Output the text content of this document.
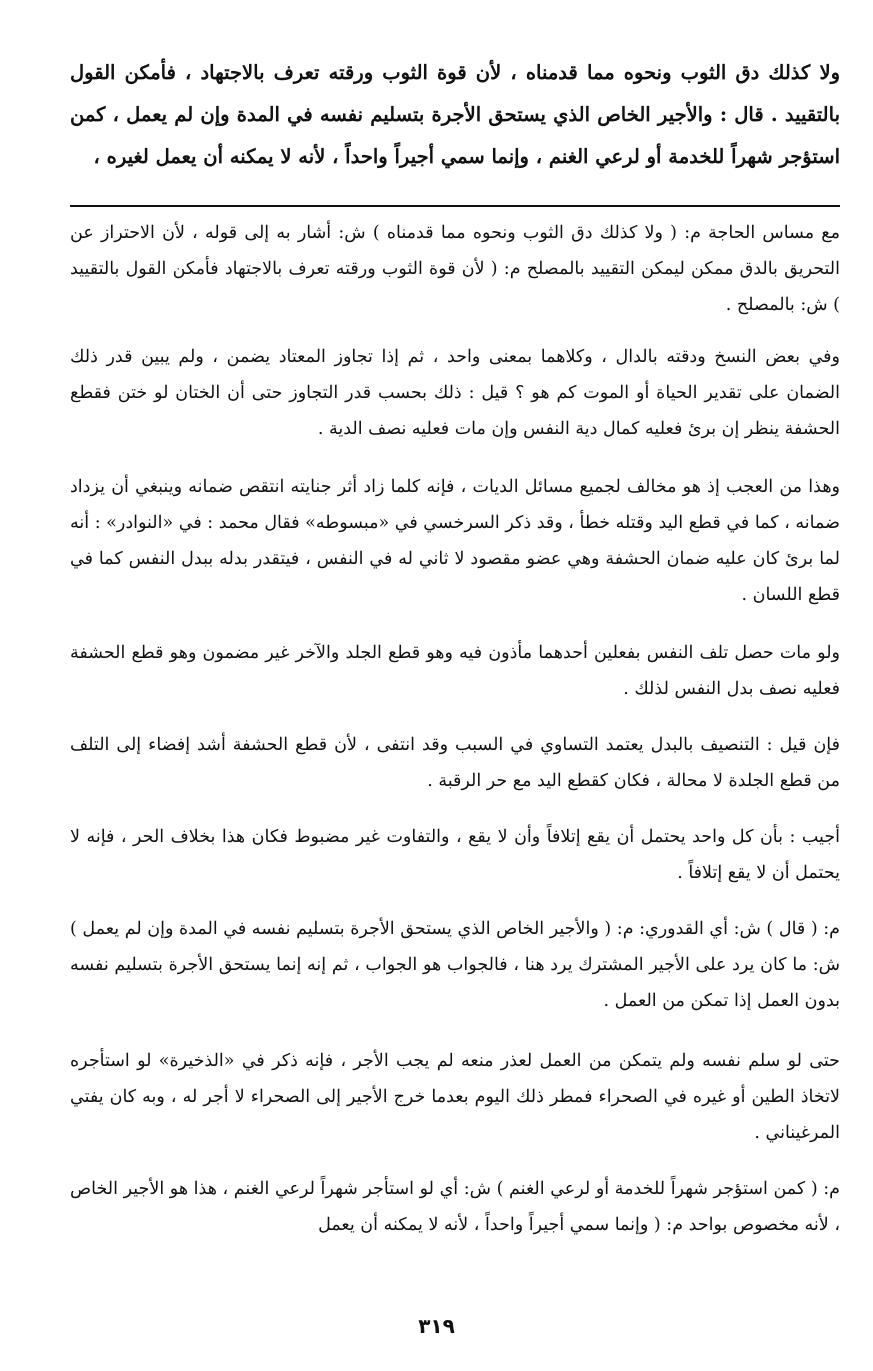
ولا كذلك دق الثوب ونحوه مما قدمناه ، لأن قوة الثوب ورقته تعرف بالاجتهاد ، فأمكن القول بالتقييد . قال : والأجير الخاص الذي يستحق الأجرة بتسليم نفسه في المدة وإن لم يعمل ، كمن استؤجر شهراً للخدمة أو لرعي الغنم ، وإنما سمي أجيراً واحداً ، لأنه لا يمكنه أن يعمل لغيره ،

مع مساس الحاجة م: ( ولا كذلك دق الثوب ونحوه مما قدمناه ) ش: أشار به إلى قوله ، لأن الاحتراز عن التحريق بالدق ممكن ليمكن التقييد بالمصلح م: ( لأن قوة الثوب ورقته تعرف بالاجتهاد فأمكن القول بالتقييد ) ش: بالمصلح .

وفي بعض النسخ ودقته بالدال ، وكلاهما بمعنى واحد ، ثم إذا تجاوز المعتاد يضمن ، ولم يبين قدر ذلك الضمان على تقدير الحياة أو الموت كم هو ؟ قيل : ذلك بحسب قدر التجاوز حتى أن الختان لو ختن فقطع الحشفة ينظر إن برئ فعليه كمال دية النفس وإن مات فعليه نصف الدية .

وهذا من العجب إذ هو مخالف لجميع مسائل الديات ، فإنه كلما زاد أثر جنايته انتقص ضمانه وينبغي أن يزداد ضمانه ، كما في قطع اليد وقتله خطأ ، وقد ذكر السرخسي في «مبسوطه» فقال محمد : في «النوادر» : أنه لما برئ كان عليه ضمان الحشفة وهي عضو مقصود لا ثاني له في النفس ، فيتقدر بدله ببدل النفس كما في قطع اللسان .

ولو مات حصل تلف النفس بفعلين أحدهما مأذون فيه وهو قطع الجلد والآخر غير مضمون وهو قطع الحشفة فعليه نصف بدل النفس لذلك .

فإن قيل : التنصيف بالبدل يعتمد التساوي في السبب وقد انتفى ، لأن قطع الحشفة أشد إفضاء إلى التلف من قطع الجلدة لا محالة ، فكان كقطع اليد مع حر الرقبة .

أجيب : بأن كل واحد يحتمل أن يقع إتلافاً وأن لا يقع ، والتفاوت غير مضبوط فكان هذا بخلاف الحر ، فإنه لا يحتمل أن لا يقع إتلافاً .

م: ( قال ) ش: أي القدوري: م: ( والأجير الخاص الذي يستحق الأجرة بتسليم نفسه في المدة وإن لم يعمل ) ش: ما كان يرد على الأجير المشترك يرد هنا ، فالجواب هو الجواب ، ثم إنه إنما يستحق الأجرة بتسليم نفسه بدون العمل إذا تمكن من العمل .

حتى لو سلم نفسه ولم يتمكن من العمل لعذر منعه لم يجب الأجر ، فإنه ذكر في «الذخيرة» لو استأجره لاتخاذ الطين أو غيره في الصحراء فمطر ذلك اليوم بعدما خرج الأجير إلى الصحراء لا أجر له ، وبه كان يفتي المرغيناني .

م: ( كمن استؤجر شهراً للخدمة أو لرعي الغنم ) ش: أي لو استأجر شهراً لرعي الغنم ، هذا هو الأجير الخاص ، لأنه مخصوص بواحد م: ( وإنما سمي أجيراً واحداً ، لأنه لا يمكنه أن يعمل

٣١٩
